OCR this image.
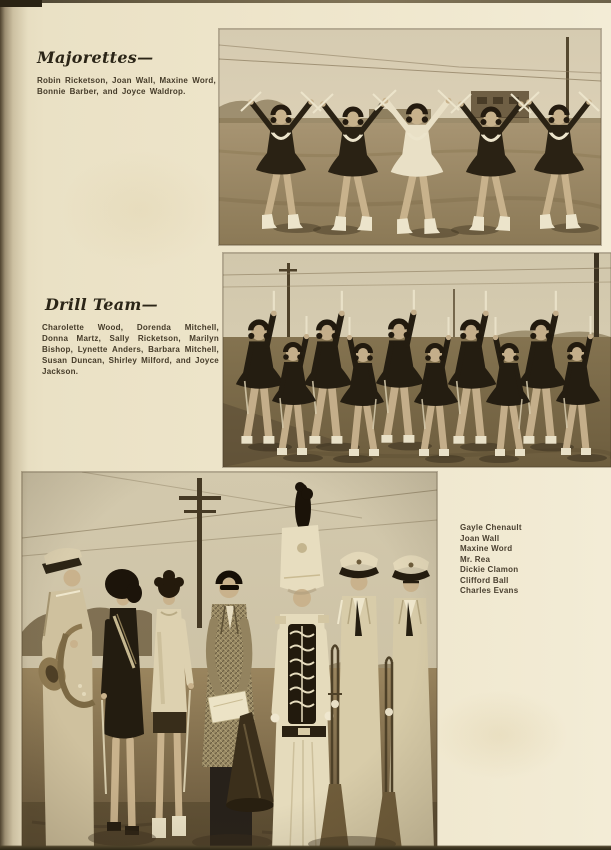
Majorettes—

Robin Ricketson, Joan Wall, Maxine Word, Bonnie Barber, and Joyce Waldrop.

Drill Team—

Charolette Wood, Dorenda Mitchell, Donna Martz, Sally Ricketson, Marilyn Bishop, Lynette Anders, Barbara Mitchell, Susan Duncan, Shirley Milford, and Joyce Jackson.

Gayle Chenault
Joan Wall
Maxine Word
Mr. Rea
Dickie Clamon
Clifford Ball
Charles Evans
